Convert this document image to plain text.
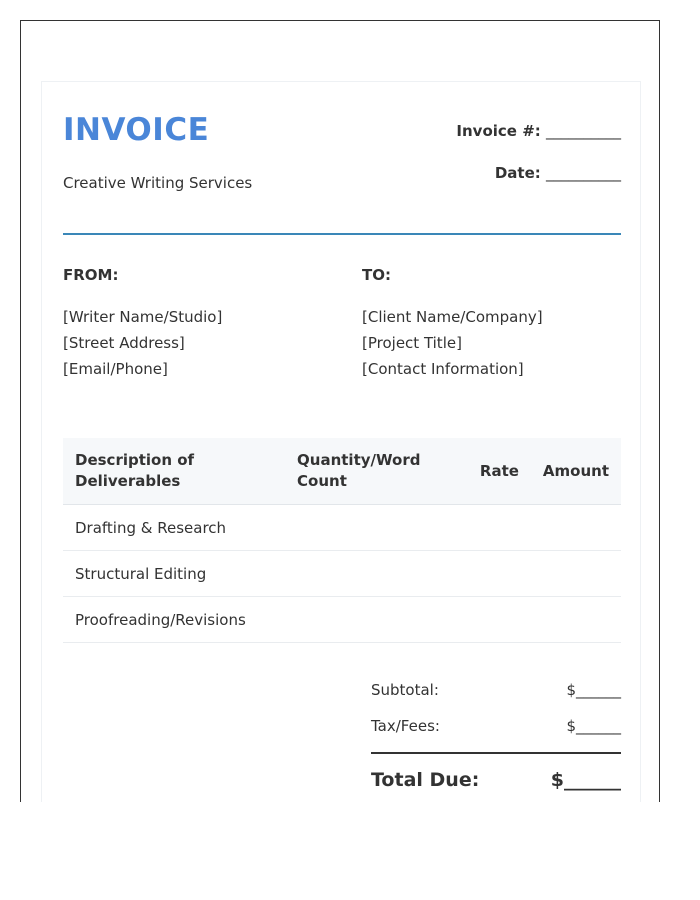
INVOICE
Creative Writing Services
Invoice #: __________
Date: __________
FROM:
[Writer Name/Studio]
[Street Address]
[Email/Phone]
TO:
[Client Name/Company]
[Project Title]
[Contact Information]
Description of Deliverables	Quantity/Word Count	Rate	Amount
Drafting & Research			
Structural Editing			
Proofreading/Revisions			
Subtotal:	$______
Tax/Fees:	$______
Total Due:	$______
